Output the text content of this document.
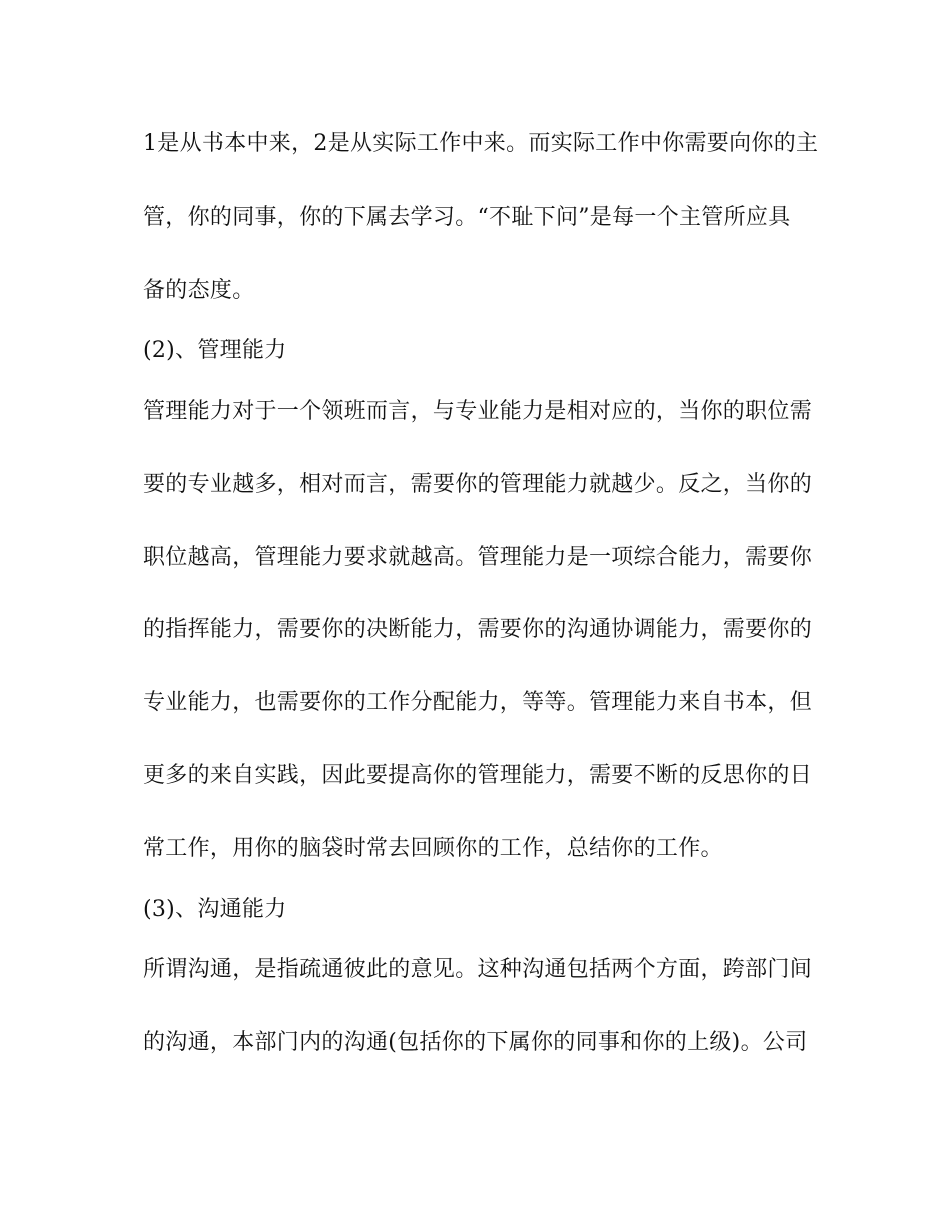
1是从书本中来，2是从实际工作中来。而实际工作中你需要向你的主
管，你的同事，你的下属去学习。“不耻下问”是每一个主管所应具
备的态度。
(2)、管理能力
管理能力对于一个领班而言，与专业能力是相对应的，当你的职位需
要的专业越多，相对而言，需要你的管理能力就越少。反之，当你的
职位越高，管理能力要求就越高。管理能力是一项综合能力，需要你
的指挥能力，需要你的决断能力，需要你的沟通协调能力，需要你的
专业能力，也需要你的工作分配能力，等等。管理能力来自书本，但
更多的来自实践，因此要提高你的管理能力，需要不断的反思你的日
常工作，用你的脑袋时常去回顾你的工作，总结你的工作。
(3)、沟通能力
所谓沟通，是指疏通彼此的意见。这种沟通包括两个方面，跨部门间
的沟通，本部门内的沟通(包括你的下属你的同事和你的上级)。公司
